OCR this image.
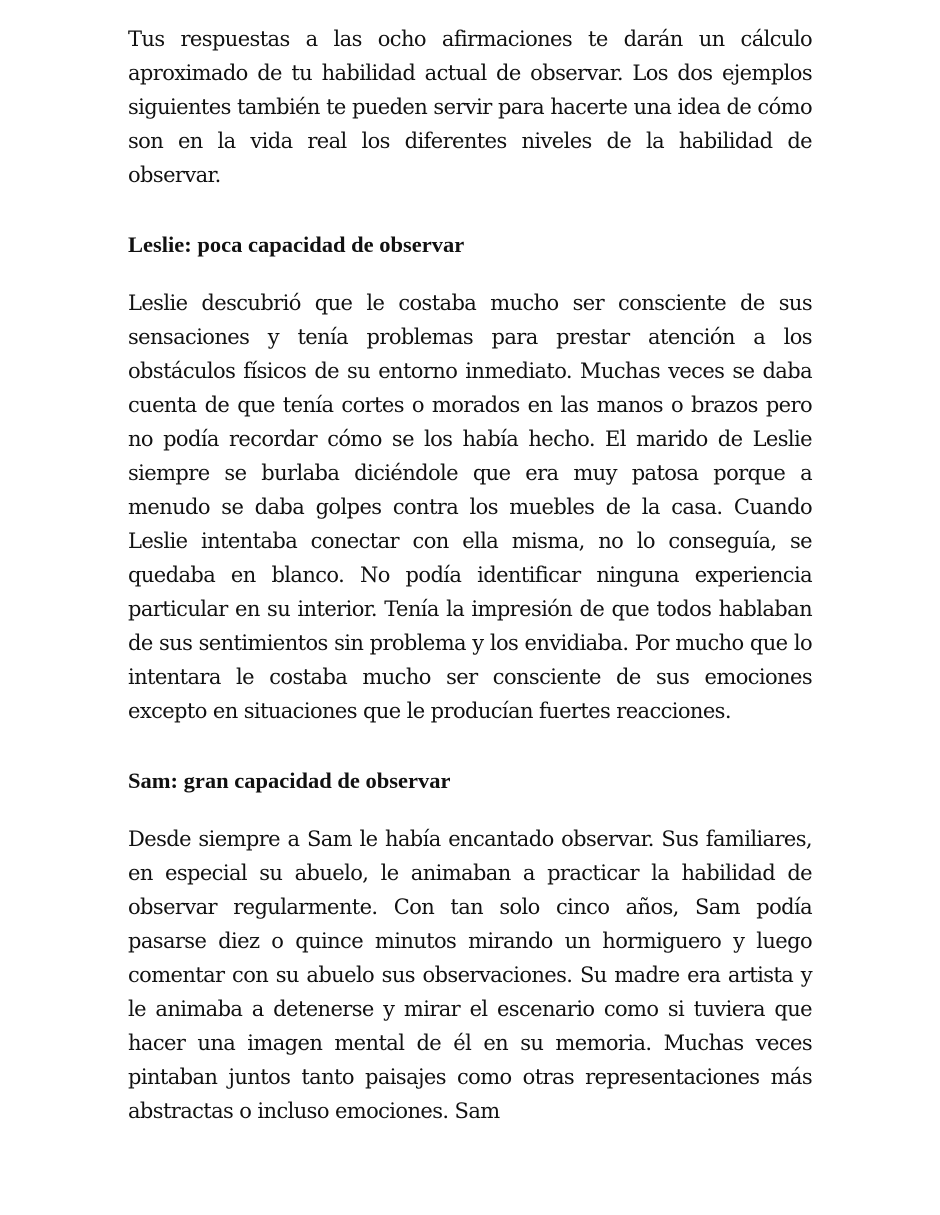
Tus respuestas a las ocho afirmaciones te darán un cálculo aproximado de tu habilidad actual de observar. Los dos ejemplos siguientes también te pueden servir para hacerte una idea de cómo son en la vida real los diferentes niveles de la habilidad de observar.

Leslie: poca capacidad de observar

Leslie descubrió que le costaba mucho ser consciente de sus sensaciones y tenía problemas para prestar atención a los obstáculos físicos de su entorno inmediato. Muchas veces se daba cuenta de que tenía cortes o morados en las manos o brazos pero no podía recordar cómo se los había hecho. El marido de Leslie siempre se burlaba diciéndole que era muy patosa porque a menudo se daba golpes contra los muebles de la casa. Cuando Leslie intentaba conectar con ella misma, no lo conseguía, se quedaba en blanco. No podía identificar ninguna experiencia particular en su interior. Tenía la impresión de que todos hablaban de sus sentimientos sin problema y los envidiaba. Por mucho que lo intentara le costaba mucho ser consciente de sus emociones excepto en situaciones que le producían fuertes reacciones.

Sam: gran capacidad de observar

Desde siempre a Sam le había encantado observar. Sus familiares, en especial su abuelo, le animaban a practicar la habilidad de observar regularmente. Con tan solo cinco años, Sam podía pasarse diez o quince minutos mirando un hormiguero y luego comentar con su abuelo sus observaciones. Su madre era artista y le animaba a detenerse y mirar el escenario como si tuviera que hacer una imagen mental de él en su memoria. Muchas veces pintaban juntos tanto paisajes como otras representaciones más abstractas o incluso emociones. Sam
